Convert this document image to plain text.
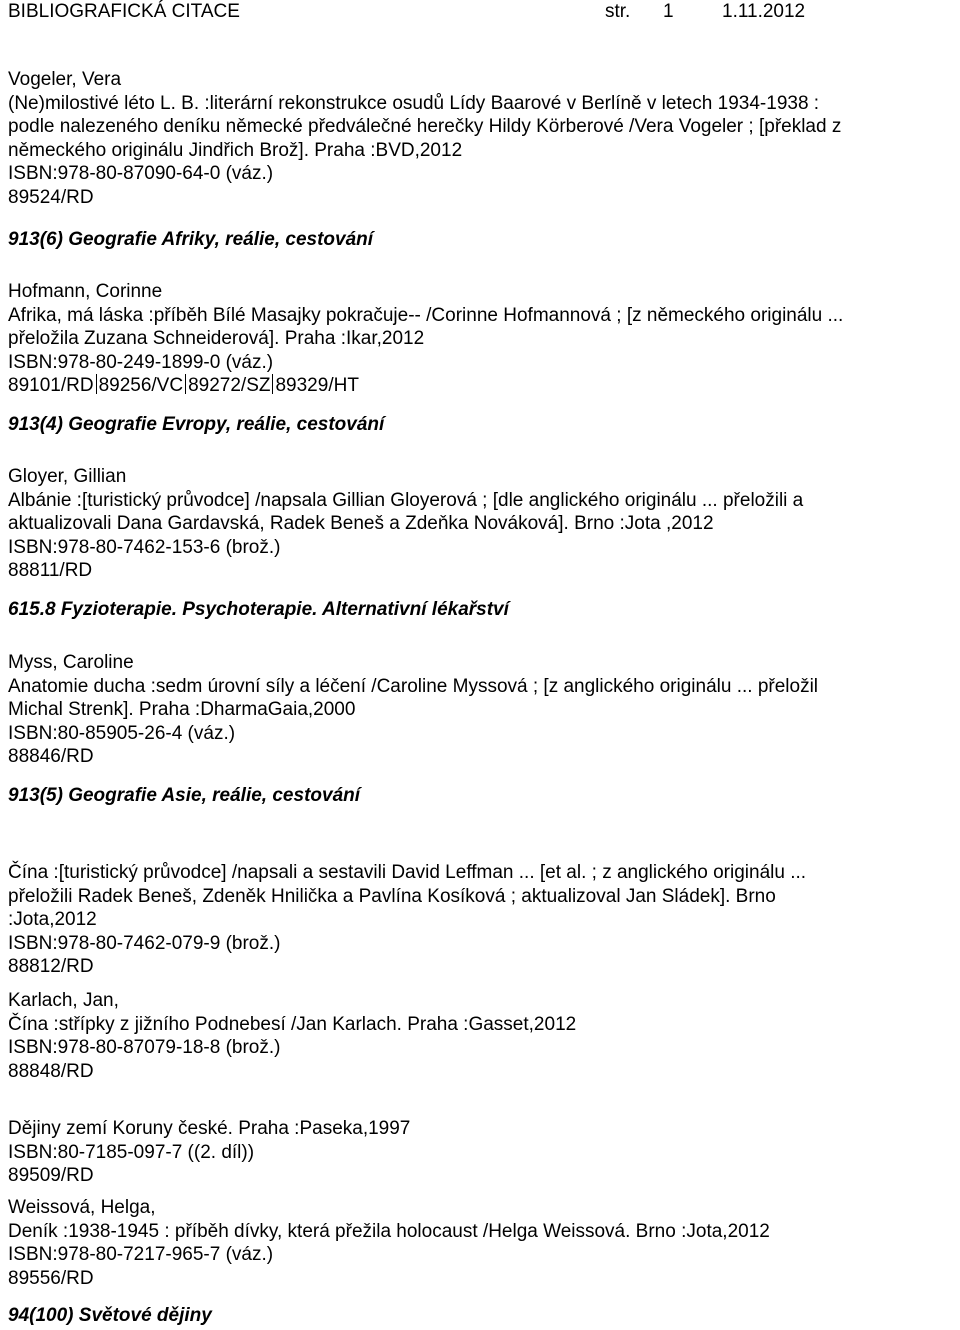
BIBLIOGRAFICKÁ CITACE	str. 1	1.11.2012
Vogeler, Vera
(Ne)milostivé léto L. B. :literární rekonstrukce osudů Lídy Baarové v Berlíně v letech 1934-1938 :
podle nalezeného deníku německé předválečné herečky Hildy Körberové /Vera Vogeler ; [překlad z
německého originálu Jindřich Brož]. Praha :BVD,2012
ISBN:978-80-87090-64-0 (váz.)
89524/RD
913(6) Geografie Afriky, reálie, cestování
Hofmann, Corinne
Afrika, má láska :příběh Bílé Masajky pokračuje-- /Corinne Hofmannová ; [z německého originálu ...
přeložila Zuzana Schneiderová]. Praha :Ikar,2012
ISBN:978-80-249-1899-0 (váz.)
89101/RD 89256/VC 89272/SZ 89329/HT
913(4) Geografie Evropy, reálie, cestování
Gloyer, Gillian
Albánie :[turistický průvodce] /napsala Gillian Gloyerová ; [dle anglického originálu ... přeložili a
aktualizovali Dana Gardavská, Radek Beneš a Zdeňka Nováková]. Brno :Jota ,2012
ISBN:978-80-7462-153-6 (brož.)
88811/RD
615.8 Fyzioterapie. Psychoterapie. Alternativní lékařství
Myss, Caroline
Anatomie ducha :sedm úrovní síly a léčení /Caroline Myssová ; [z anglického originálu ... přeložil
Michal Strenk]. Praha :DharmaGaia,2000
ISBN:80-85905-26-4 (váz.)
88846/RD
913(5) Geografie Asie, reálie, cestování
Čína :[turistický průvodce] /napsali a sestavili David Leffman ... [et al. ; z anglického originálu ...
přeložili Radek Beneš, Zdeněk Hnilička a Pavlína Kosíková ; aktualizoval Jan Sládek]. Brno
:Jota,2012
ISBN:978-80-7462-079-9 (brož.)
88812/RD
Karlach, Jan,
Čína :střípky z jižního Podnebesí /Jan Karlach. Praha :Gasset,2012
ISBN:978-80-87079-18-8 (brož.)
88848/RD
Dějiny zemí Koruny české. Praha :Paseka,1997
ISBN:80-7185-097-7 ((2. díl))
89509/RD
Weissová, Helga,
Deník :1938-1945 : příběh dívky, která přežila holocaust /Helga Weissová. Brno :Jota,2012
ISBN:978-80-7217-965-7 (váz.)
89556/RD
94(100) Světové dějiny
